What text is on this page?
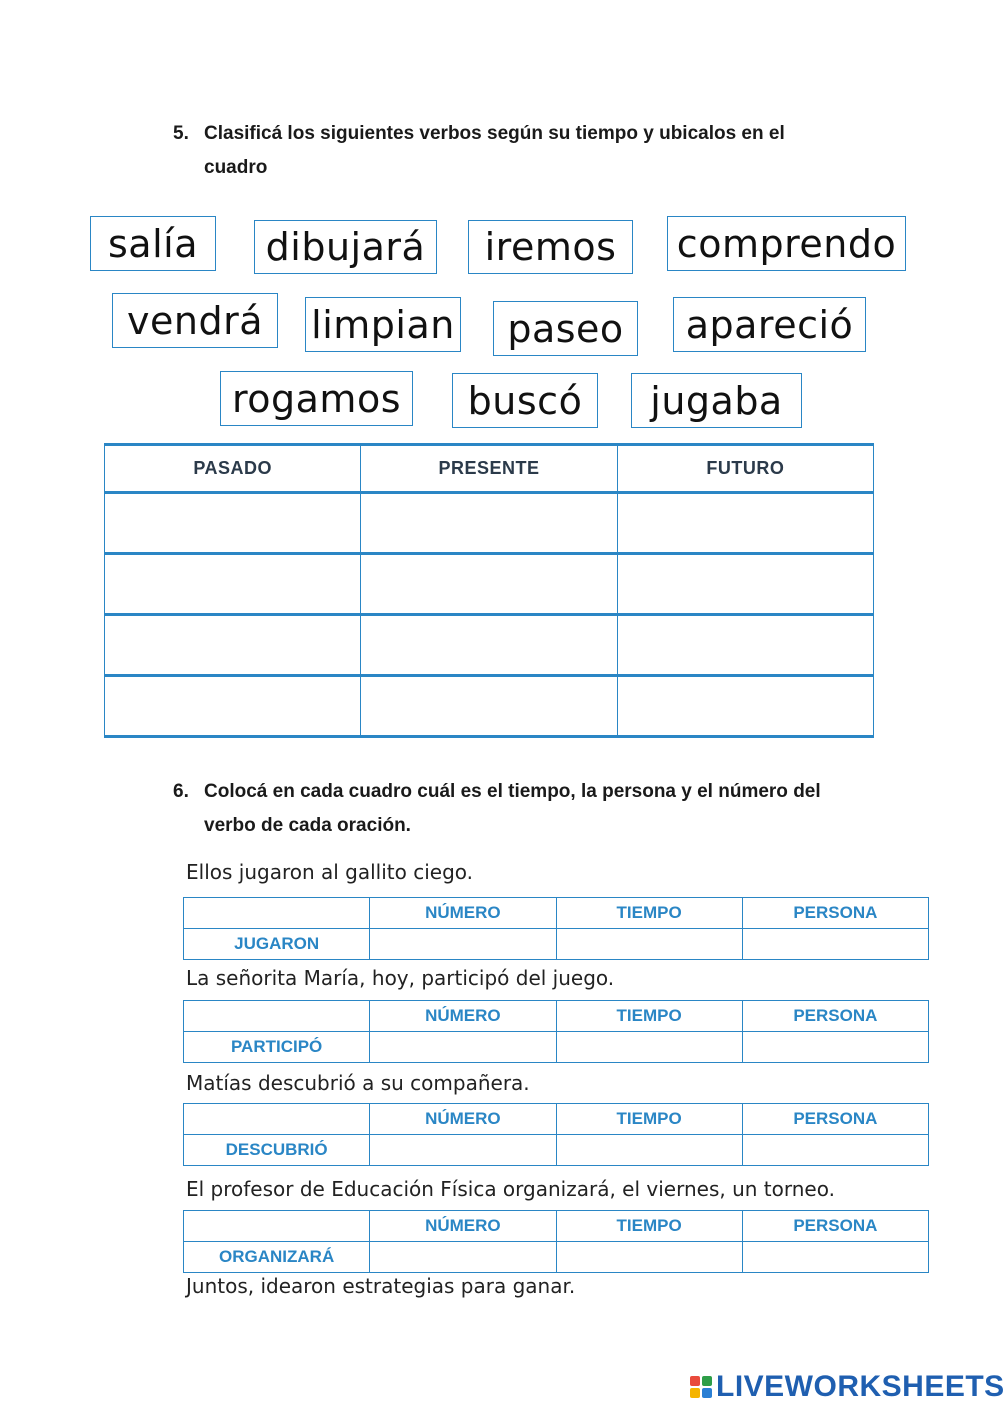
5. Clasificá los siguientes verbos según su tiempo y ubicalos en el cuadro
salía	dibujará	iremos	comprendo
vendrá	limpian	paseo	apareció
rogamos	buscó	jugaba
PASADO	PRESENTE	FUTURO

6. Colocá en cada cuadro cuál es el tiempo, la persona y el número del verbo de cada oración.
Ellos jugaron al gallito ciego.
	NÚMERO	TIEMPO	PERSONA
JUGARON			
La señorita María, hoy, participó del juego.
	NÚMERO	TIEMPO	PERSONA
PARTICIPÓ			
Matías descubrió a su compañera.
	NÚMERO	TIEMPO	PERSONA
DESCUBRIÓ			
El profesor de Educación Física organizará, el viernes, un torneo.
	NÚMERO	TIEMPO	PERSONA
ORGANIZARÁ			
Juntos, idearon estrategias para ganar.
LIVEWORKSHEETS
